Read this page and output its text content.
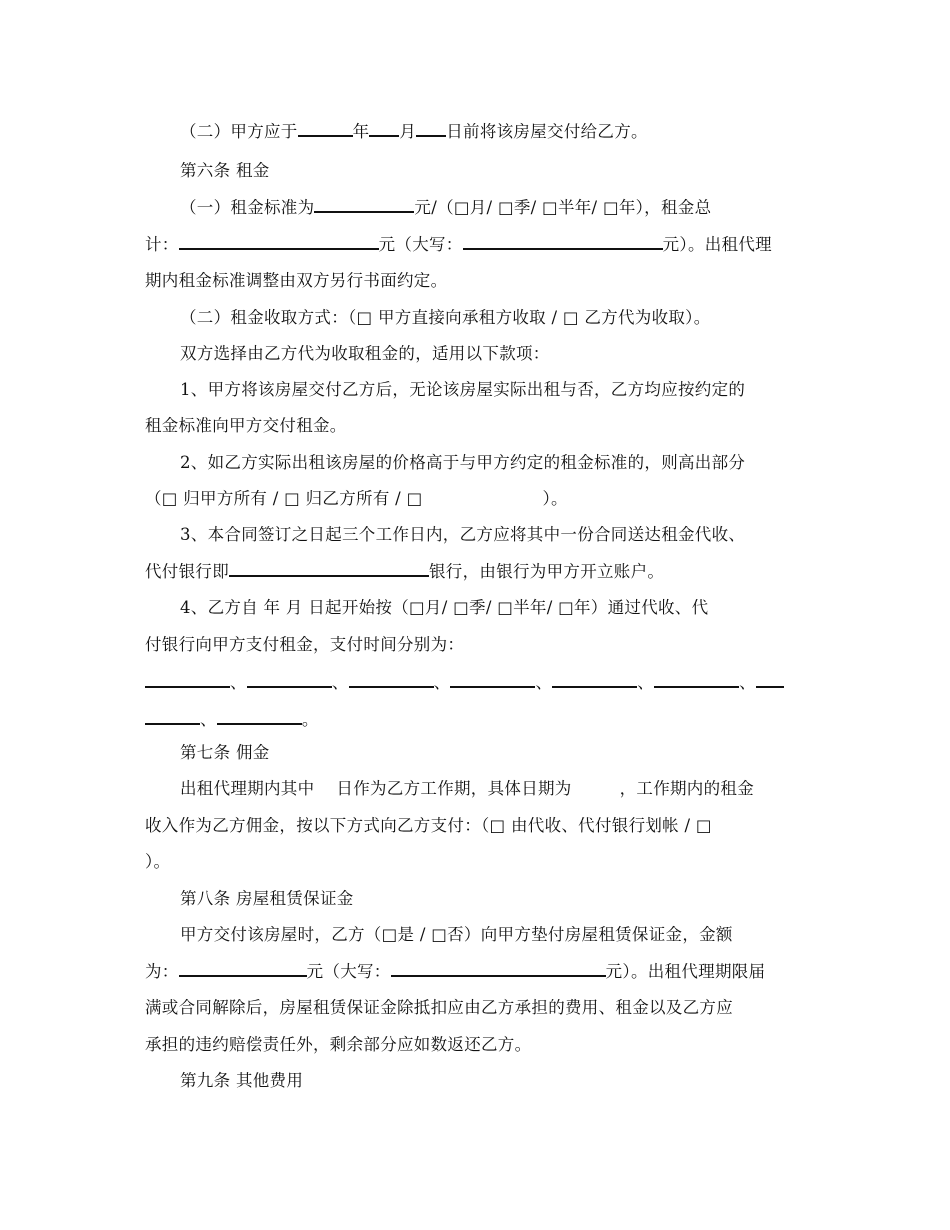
（二）甲方应于	年 月 日前将该房屋交付给乙方。
第六条 租金
（一）租金标准为	元/（□月/ □季/ □半年/ □年），租金总
计：	元（大写：	元）。出租代理
期内租金标准调整由双方另行书面约定。
（二）租金收取方式：（□ 甲方直接向承租方收取 / □ 乙方代为收取）。
双方选择由乙方代为收取租金的，适用以下款项：
1、甲方将该房屋交付乙方后，无论该房屋实际出租与否，乙方均应按约定的
租金标准向甲方交付租金。
2、如乙方实际出租该房屋的价格高于与甲方约定的租金标准的，则高出部分
（□ 归甲方所有 / □ 归乙方所有 / □	）。
3、本合同签订之日起三个工作日内，乙方应将其中一份合同送达租金代收、
代付银行即	银行，由银行为甲方开立账户。
4、乙方自 年 月 日起开始按（□月/ □季/ □半年/ □年）通过代收、代
付银行向甲方支付租金，支付时间分别为：
、	、	、	、	、	、
、	。
第七条 佣金
出租代理期内其中 日作为乙方工作期，具体日期为	，工作期内的租金
收入作为乙方佣金，按以下方式向乙方支付：（□ 由代收、代付银行划帐 / □
）。
第八条 房屋租赁保证金
甲方交付该房屋时，乙方（□是 / □否）向甲方垫付房屋租赁保证金，金额
为：	元（大写：	元）。出租代理期限届
满或合同解除后，房屋租赁保证金除抵扣应由乙方承担的费用、租金以及乙方应
承担的违约赔偿责任外，剩余部分应如数返还乙方。
第九条 其他费用
